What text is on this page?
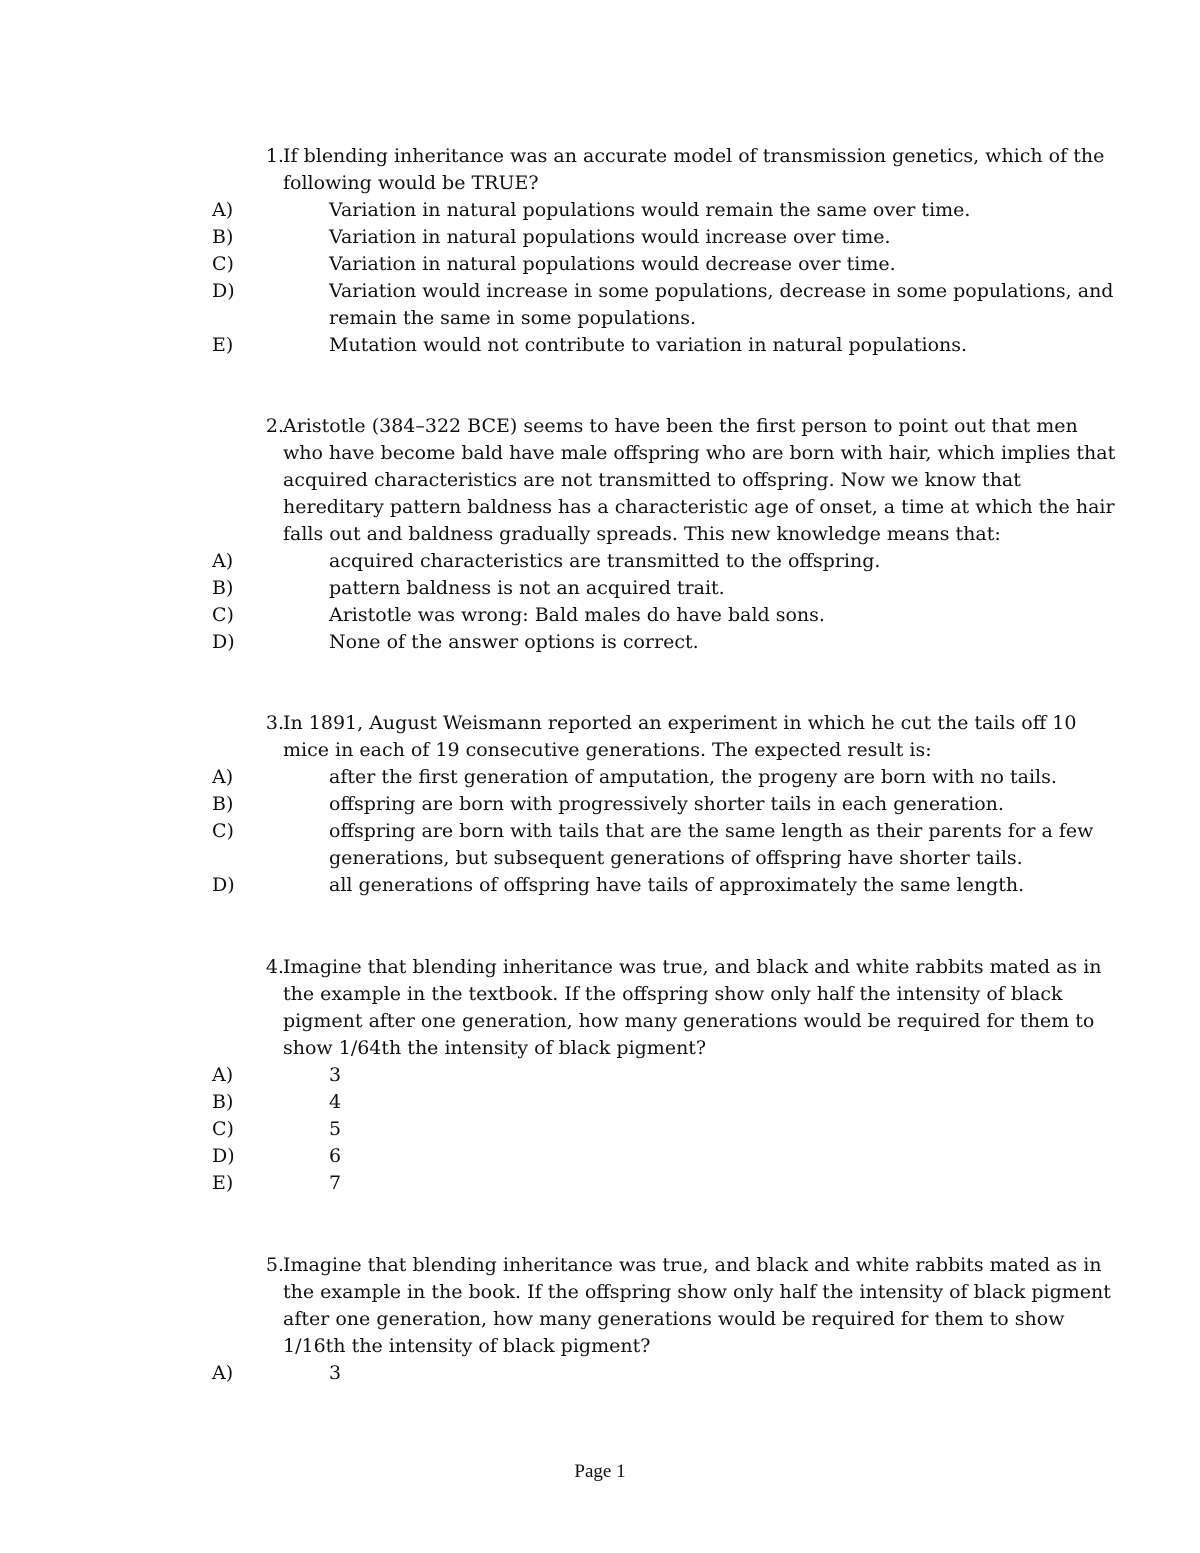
1. If blending inheritance was an accurate model of transmission genetics, which of the following would be TRUE?

A)	Variation in natural populations would remain the same over time.
B)	Variation in natural populations would increase over time.
C)	Variation in natural populations would decrease over time.
D)	Variation would increase in some populations, decrease in some populations, and remain the same in some populations.
E)	Mutation would not contribute to variation in natural populations.
2. Aristotle (384–322 BCE) seems to have been the first person to point out that men who have become bald have male offspring who are born with hair, which implies that acquired characteristics are not transmitted to offspring. Now we know that hereditary pattern baldness has a characteristic age of onset, a time at which the hair falls out and baldness gradually spreads. This new knowledge means that:

A)	acquired characteristics are transmitted to the offspring.
B)	pattern baldness is not an acquired trait.
C)	Aristotle was wrong: Bald males do have bald sons.
D)	None of the answer options is correct.
3. In 1891, August Weismann reported an experiment in which he cut the tails off 10 mice in each of 19 consecutive generations. The expected result is:

A)	after the first generation of amputation, the progeny are born with no tails.
B)	offspring are born with progressively shorter tails in each generation.
C)	offspring are born with tails that are the same length as their parents for a few generations, but subsequent generations of offspring have shorter tails.
D)	all generations of offspring have tails of approximately the same length.
4. Imagine that blending inheritance was true, and black and white rabbits mated as in the example in the textbook. If the offspring show only half the intensity of black pigment after one generation, how many generations would be required for them to show 1/64th the intensity of black pigment?

A)	3
B)	4
C)	5
D)	6
E)	7
5. Imagine that blending inheritance was true, and black and white rabbits mated as in the example in the book. If the offspring show only half the intensity of black pigment after one generation, how many generations would be required for them to show 1/16th the intensity of black pigment?

A)	3
Page 1
